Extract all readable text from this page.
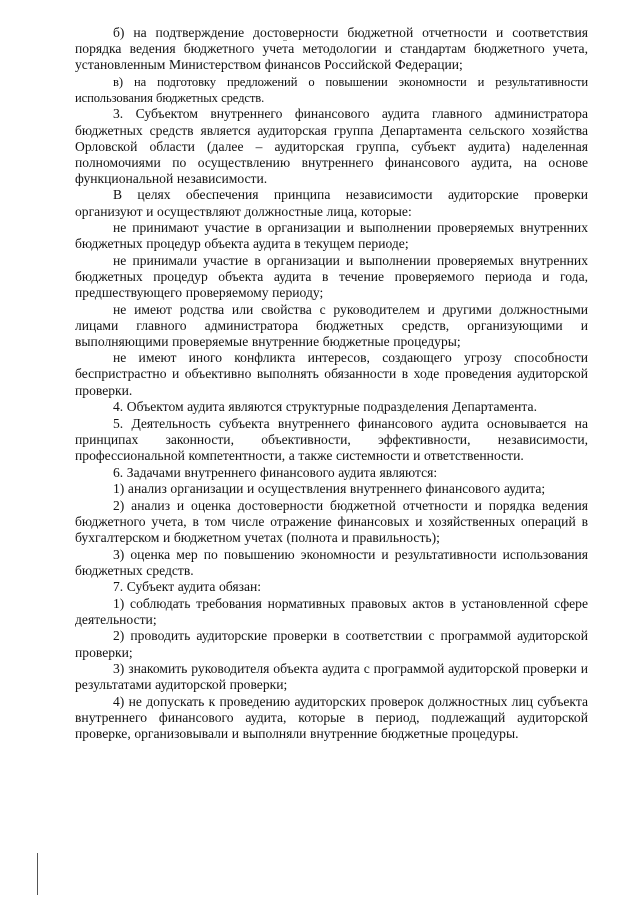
б) на подтверждение достоверности бюджетной отчетности и соответствия порядка ведения бюджетного учета методологии и стандартам бюджетного учета, установленным Министерством финансов Российской Федерации;

в) на подготовку предложений о повышении экономности и результативности использования бюджетных средств.

3. Субъектом внутреннего финансового аудита главного администратора бюджетных средств является аудиторская группа Департамента сельского хозяйства Орловской области (далее – аудиторская группа, субъект аудита) наделенная полномочиями по осуществлению внутреннего финансового аудита, на основе функциональной независимости.

В целях обеспечения принципа независимости аудиторские проверки организуют и осуществляют должностные лица, которые:

не принимают участие в организации и выполнении проверяемых внутренних бюджетных процедур объекта аудита в текущем периоде;

не принимали участие в организации и выполнении проверяемых внутренних бюджетных процедур объекта аудита в течение проверяемого периода и года, предшествующего проверяемому периоду;

не имеют родства или свойства с руководителем и другими должностными лицами главного администратора бюджетных средств, организующими и выполняющими проверяемые внутренние бюджетные процедуры;

не имеют иного конфликта интересов, создающего угрозу способности беспристрастно и объективно выполнять обязанности в ходе проведения аудиторской проверки.

4. Объектом аудита являются структурные подразделения Департамента.

5. Деятельность субъекта внутреннего финансового аудита основывается на принципах законности, объективности, эффективности, независимости, профессиональной компетентности, а также системности и ответственности.

6. Задачами внутреннего финансового аудита являются:

1) анализ организации и осуществления внутреннего финансового аудита;

2) анализ и оценка достоверности бюджетной отчетности и порядка ведения бюджетного учета, в том числе отражение финансовых и хозяйственных операций в бухгалтерском и бюджетном учетах (полнота и правильность);

3) оценка мер по повышению экономности и результативности использования бюджетных средств.

7. Субъект аудита обязан:

1) соблюдать требования нормативных правовых актов в установленной сфере деятельности;

2) проводить аудиторские проверки в соответствии с программой аудиторской проверки;

3) знакомить руководителя объекта аудита с программой аудиторской проверки и результатами аудиторской проверки;

4) не допускать к проведению аудиторских проверок должностных лиц субъекта внутреннего финансового аудита, которые в период, подлежащий аудиторской проверке, организовывали и выполняли внутренние бюджетные процедуры.
